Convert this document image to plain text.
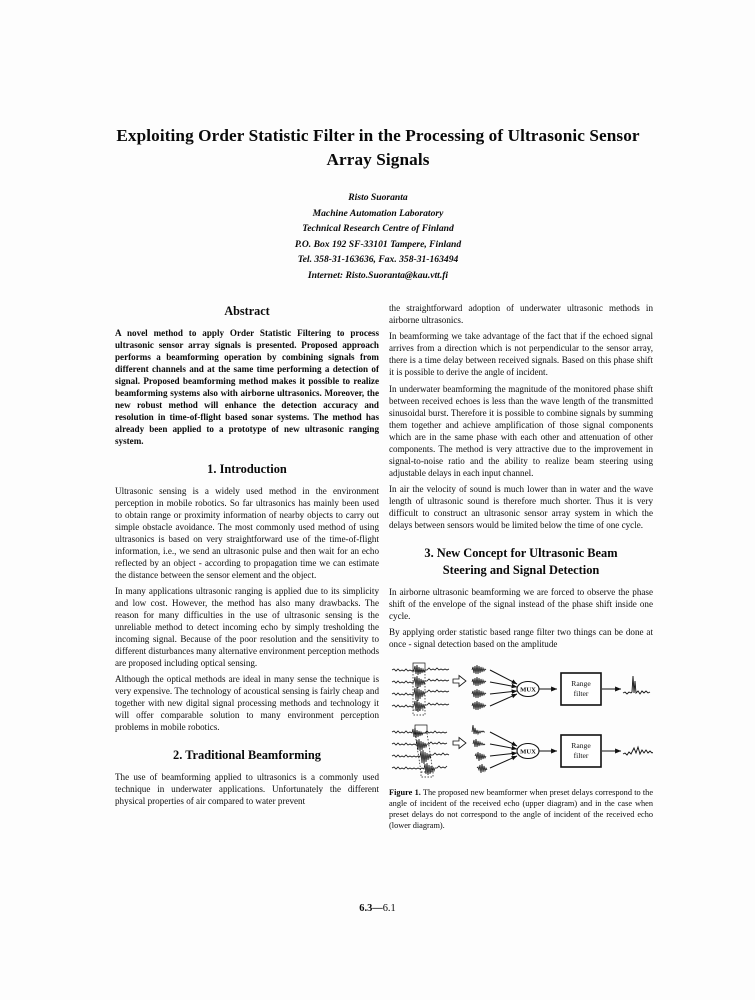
Exploiting Order Statistic Filter in the Processing of Ultrasonic Sensor
Array Signals
Risto Suoranta
Machine Automation Laboratory
Technical Research Centre of Finland
P.O. Box 192 SF-33101 Tampere, Finland
Tel. 358-31-163636, Fax. 358-31-163494
Internet: Risto.Suoranta@kau.vtt.fi
Abstract

A novel method to apply Order Statistic Filtering to process ultrasonic sensor array signals is presented. Proposed approach performs a beamforming operation by combining signals from different channels and at the same time performing a detection of signal. Proposed beamforming method makes it possible to realize beamforming systems also with airborne ultrasonics. Moreover, the new robust method will enhance the detection accuracy and resolution in time-of-flight based sonar systems. The method has already been applied to a prototype of new ultrasonic ranging system.

1. Introduction

Ultrasonic sensing is a widely used method in the environment perception in mobile robotics. So far ultrasonics has mainly been used to obtain range or proximity information of nearby objects to carry out simple obstacle avoidance. The most commonly used method of using ultrasonics is based on very straightforward use of the time-of-flight information, i.e., we send an ultrasonic pulse and then wait for an echo reflected by an object - according to propagation time we can estimate the distance between the sensor element and the object.

In many applications ultrasonic ranging is applied due to its simplicity and low cost. However, the method has also many drawbacks. The reason for many difficulties in the use of ultrasonic sensing is the unreliable method to detect incoming echo by simply tresholding the incoming signal. Because of the poor resolution and the sensitivity to different disturbances many alternative environment perception methods are proposed including optical sensing.

Although the optical methods are ideal in many sense the technique is very expensive. The technology of acoustical sensing is fairly cheap and together with new digital signal processing methods and technology it will offer comparable solution to many environment perception problems in mobile robotics.

2. Traditional Beamforming

The use of beamforming applied to ultrasonics is a commonly used technique in underwater applications. Unfortunately the different physical properties of air compared to water prevent

the straightforward adoption of underwater ultrasonic methods in airborne ultrasonics.

In beamforming we take advantage of the fact that if the echoed signal arrives from a direction which is not perpendicular to the sensor array, there is a time delay between received signals. Based on this phase shift it is possible to derive the angle of incident.

In underwater beamforming the magnitude of the monitored phase shift between received echoes is less than the wave length of the transmitted sinusoidal burst. Therefore it is possible to combine signals by summing them together and achieve amplification of those signal components which are in the same phase with each other and attenuation of other components. The method is very attractive due to the improvement in signal-to-noise ratio and the ability to realize beam steering using adjustable delays in each input channel.

In air the velocity of sound is much lower than in water and the wave length of ultrasonic sound is therefore much shorter. Thus it is very difficult to construct an ultrasonic sensor array system in which the delays between sensors would be limited below the time of one cycle.

3. New Concept for Ultrasonic Beam
Steering and Signal Detection

In airborne ultrasonic beamforming we are forced to observe the phase shift of the envelope of the signal instead of the phase shift inside one cycle.

By applying order statistic based range filter two things can be done at once - signal detection based on the amplitude

MUX
Range
filter
MUX
Range
filter
Figure 1. The proposed new beamformer when preset delays correspond to the angle of incident of the received echo (upper diagram) and in the case when preset delays do not correspond to the angle of incident of the received echo (lower diagram).
6.3—6.1
